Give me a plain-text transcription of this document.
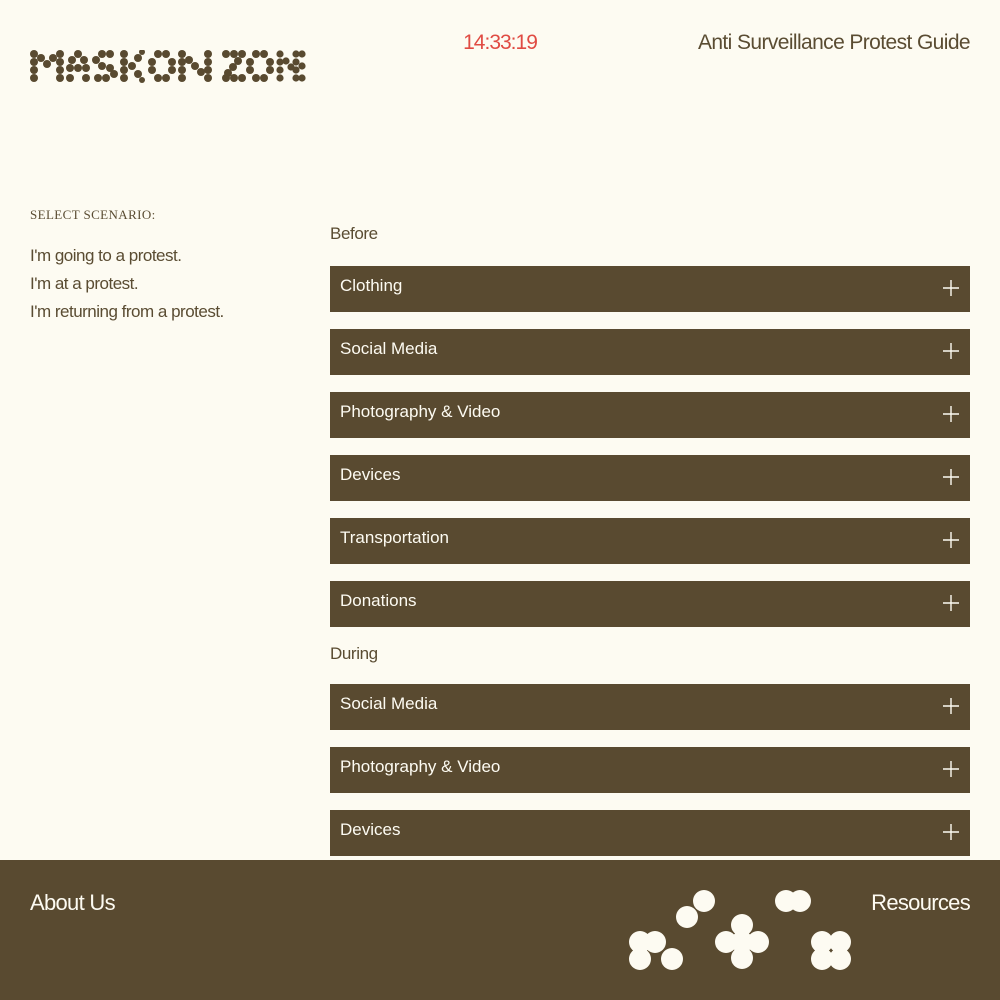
14:33:19	Anti Surveillance Protest Guide
SELECT SCENARIO:
I'm going to a protest.
I'm at a protest.
I'm returning from a protest.
Before
Clothing
Social Media
Photography & Video
Devices
Transportation
Donations
During
Social Media
Photography & Video
Devices
About Us	Resources
